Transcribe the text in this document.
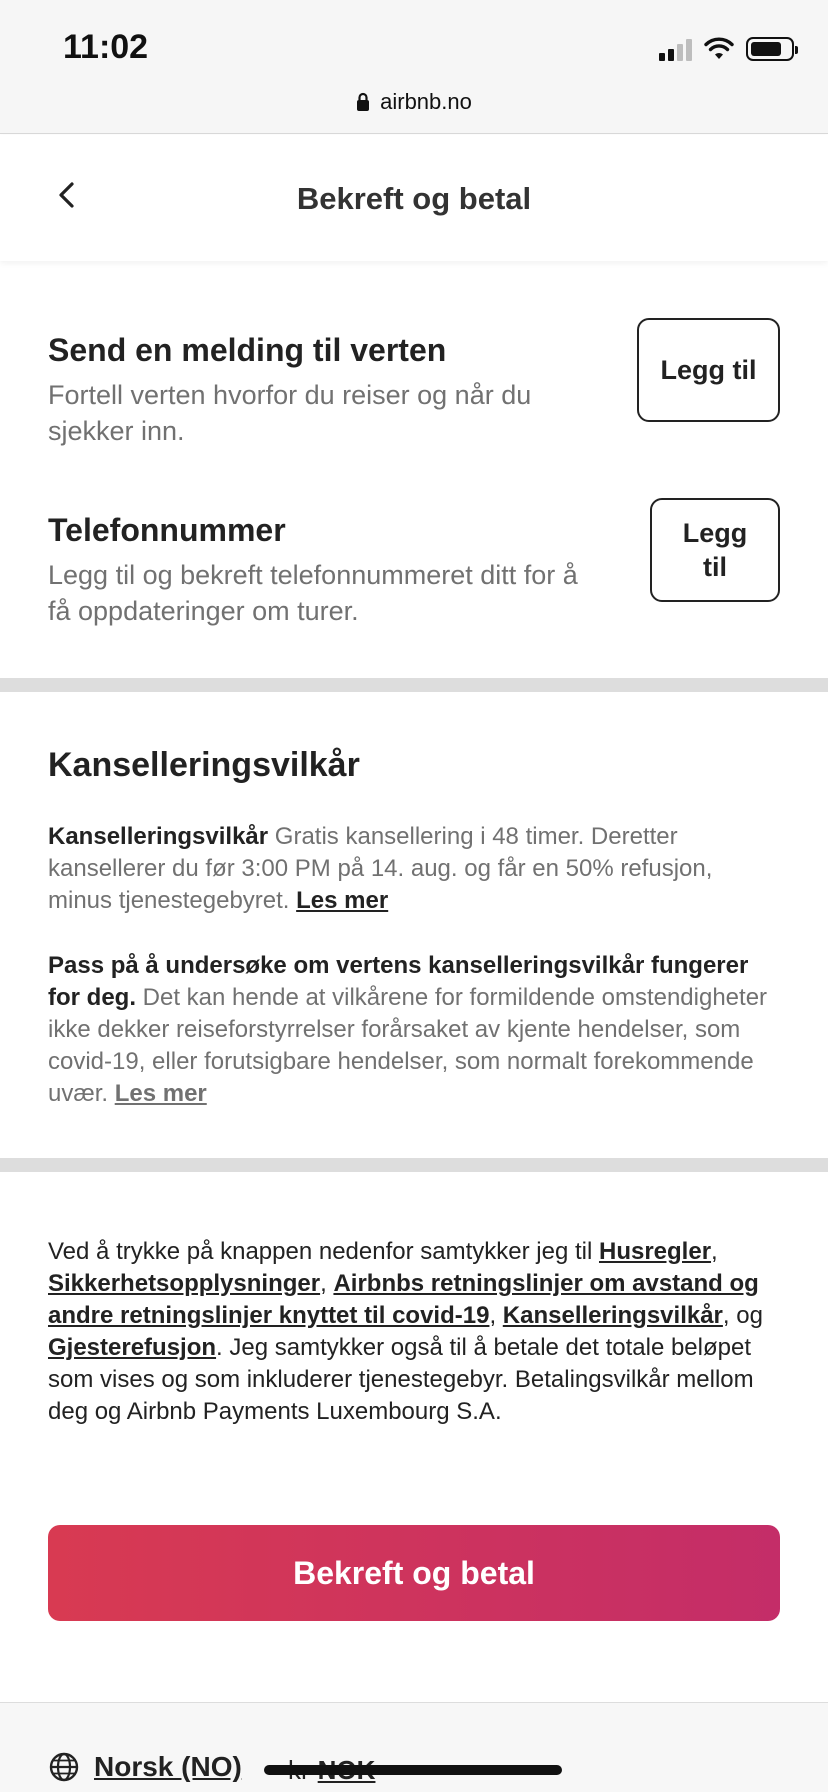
11:02
airbnb.no
Bekreft og betal
Send en melding til verten
Fortell verten hvorfor du reiser og når du sjekker inn.
Legg til
Telefonnummer
Legg til og bekreft telefonnummeret ditt for å få oppdateringer om turer.
Legg til
Kanselleringsvilkår
Kanselleringsvilkår Gratis kansellering i 48 timer. Deretter kansellerer du før 3:00 PM på 14. aug. og får en 50% refusjon, minus tjenestegebyret. Les mer
Pass på å undersøke om vertens kanselleringsvilkår fungerer for deg. Det kan hende at vilkårene for formildende omstendigheter ikke dekker reiseforstyrrelser forårsaket av kjente hendelser, som covid-19, eller forutsigbare hendelser, som normalt forekommende uvær. Les mer
Ved å trykke på knappen nedenfor samtykker jeg til Husregler, Sikkerhetsopplysninger, Airbnbs retningslinjer om avstand og andre retningslinjer knyttet til covid-19, Kanselleringsvilkår, og Gjesterefusjon. Jeg samtykker også til å betale det totale beløpet som vises og som inkluderer tjenestegebyr. Betalingsvilkår mellom deg og Airbnb Payments Luxembourg S.A.
Bekreft og betal
Norsk (NO)
